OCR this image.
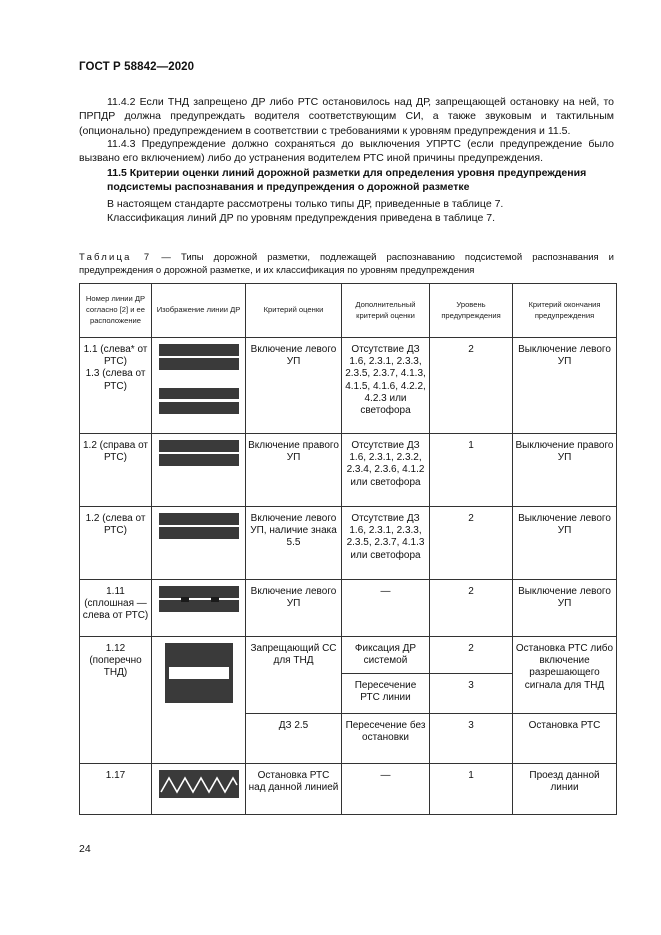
ГОСТ Р 58842—2020
11.4.2 Если ТНД запрещено ДР либо РТС остановилось над ДР, запрещающей остановку на ней, то ПРПДР должна предупреждать водителя соответствующим СИ, а также звуковым и тактильным (опционально) предупреждением в соответствии с требованиями к уровням предупреждения и 11.5.
11.4.3 Предупреждение должно сохраняться до выключения УПРТС (если предупреждение было вызвано его включением) либо до устранения водителем РТС иной причины предупреждения.
11.5 Критерии оценки линий дорожной разметки для определения уровня предупреждения подсистемы распознавания и предупреждения о дорожной разметке
В настоящем стандарте рассмотрены только типы ДР, приведенные в таблице 7.
Классификация линий ДР по уровням предупреждения приведена в таблице 7.
Таблица 7 — Типы дорожной разметки, подлежащей распознаванию подсистемой распознавания и предупреждения о дорожной разметке, и их классификация по уровням предупреждения
Номер линии ДР согласно [2] и ее расположение	Изображение линии ДР	Критерий оценки	Дополнительный критерий оценки	Уровень предупреждения	Критерий окончания предупреждения
1.1 (слева* от РТС)
1.3 (слева от РТС)		Включение левого УП	Отсутствие ДЗ 1.6, 2.3.1, 2.3.3, 2.3.5, 2.3.7, 4.1.3, 4.1.5, 4.1.6, 4.2.2, 4.2.3 или светофора	2	Выключение левого УП
1.2 (справа от РТС)		Включение правого УП	Отсутствие ДЗ 1.6, 2.3.1, 2.3.2, 2.3.4, 2.3.6, 4.1.2 или светофора	1	Выключение правого УП
1.2 (слева от РТС)		Включение левого УП, наличие знака 5.5	Отсутствие ДЗ 1.6, 2.3.1, 2.3.3, 2.3.5, 2.3.7, 4.1.3 или светофора	2	Выключение левого УП
1.11 (сплошная — слева от РТС)		Включение левого УП	—	2	Выключение левого УП
1.12 (поперечно ТНД)		Запрещающий СС для ТНД	Фиксация ДР системой	2	Остановка РТС либо включение разрешающего сигнала для ТНД
			Пересечение РТС линии	3	
		ДЗ 2.5	Пересечение без остановки	3	Остановка РТС
1.17		Остановка РТС над данной линией	—	1	Проезд данной линии
24
